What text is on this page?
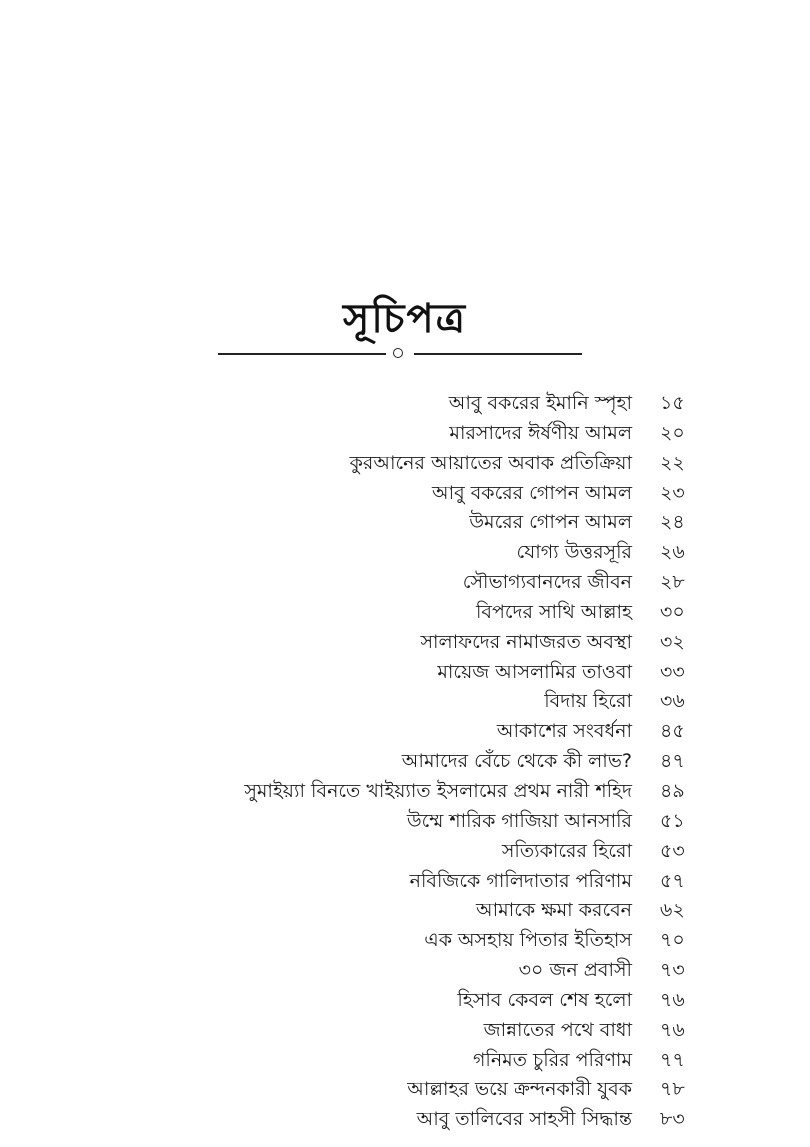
সূচিপত্র
আবু বকরের ইমানি স্পৃহা ১৫
মারসাদের ঈর্ষণীয় আমল ২০
কুরআনের আয়াতের অবাক প্রতিক্রিয়া ২২
আবু বকরের গোপন আমল ২৩
উমরের গোপন আমল ২৪
যোগ্য উত্তরসূরি ২৬
সৌভাগ্যবানদের জীবন ২৮
বিপদের সাথি আল্লাহ ৩০
সালাফদের নামাজরত অবস্থা ৩২
মায়েজ আসলামির তাওবা ৩৩
বিদায় হিরো ৩৬
আকাশের সংবর্ধনা ৪৫
আমাদের বেঁচে থেকে কী লাভ? ৪৭
সুমাইয়্যা বিনতে খাইয়্যাত ইসলামের প্রথম নারী শহিদ ৪৯
উম্মে শারিক গাজিয়া আনসারি ৫১
সত্যিকারের হিরো ৫৩
নবিজিকে গালিদাতার পরিণাম ৫৭
আমাকে ক্ষমা করবেন ৬২
এক অসহায় পিতার ইতিহাস ৭০
৩০ জন প্রবাসী ৭৩
হিসাব কেবল শেষ হলো ৭৬
জান্নাতের পথে বাধা ৭৬
গনিমত চুরির পরিণাম ৭৭
আল্লাহর ভয়ে ক্রন্দনকারী যুবক ৭৮
আবু তালিবের সাহসী সিদ্ধান্ত ৮৩
